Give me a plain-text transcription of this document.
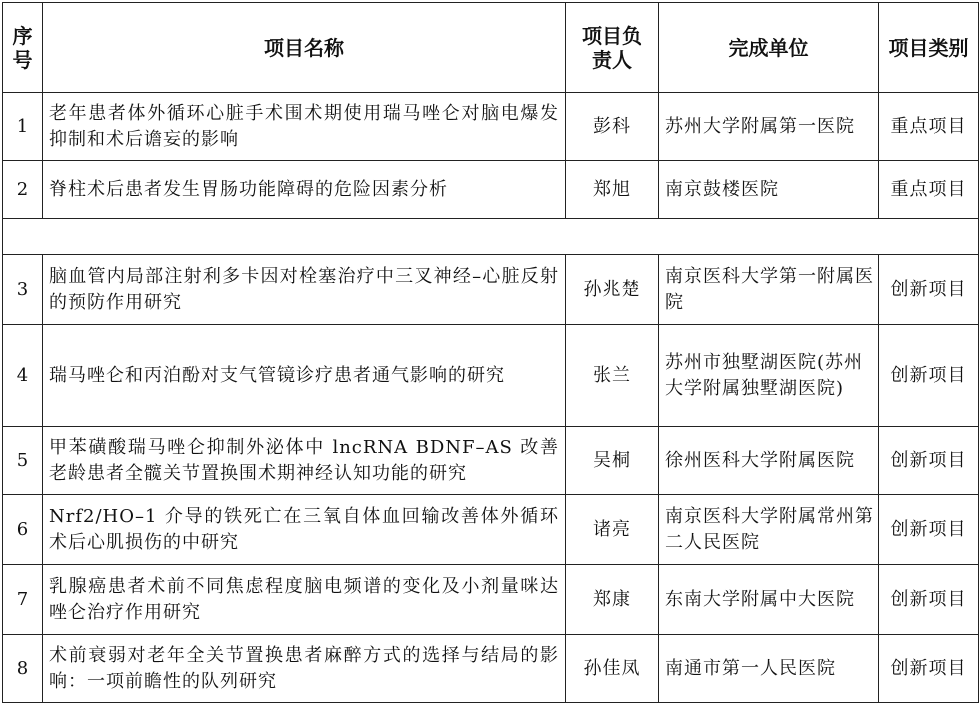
序号	项目名称	项目负责人	完成单位	项目类别
1	老年患者体外循环心脏手术围术期使用瑞马唑仑对脑电爆发抑制和术后谵妄的影响	彭科	苏州大学附属第一医院	重点项目
2	脊柱术后患者发生胃肠功能障碍的危险因素分析	郑旭	南京鼓楼医院	重点项目

3	脑血管内局部注射利多卡因对栓塞治疗中三叉神经–心脏反射的预防作用研究	孙兆楚	南京医科大学第一附属医院	创新项目
4	瑞马唑仑和丙泊酚对支气管镜诊疗患者通气影响的研究	张兰	苏州市独墅湖医院(苏州大学附属独墅湖医院)	创新项目
5	甲苯磺酸瑞马唑仑抑制外泌体中 lncRNA BDNF–AS 改善老龄患者全髋关节置换围术期神经认知功能的研究	吴桐	徐州医科大学附属医院	创新项目
6	Nrf2/HO–1 介导的铁死亡在三氧自体血回输改善体外循环术后心肌损伤的中研究	诸亮	南京医科大学附属常州第二人民医院	创新项目
7	乳腺癌患者术前不同焦虑程度脑电频谱的变化及小剂量咪达唑仑治疗作用研究	郑康	东南大学附属中大医院	创新项目
8	术前衰弱对老年全关节置换患者麻醉方式的选择与结局的影响：一项前瞻性的队列研究	孙佳凤	南通市第一人民医院	创新项目
